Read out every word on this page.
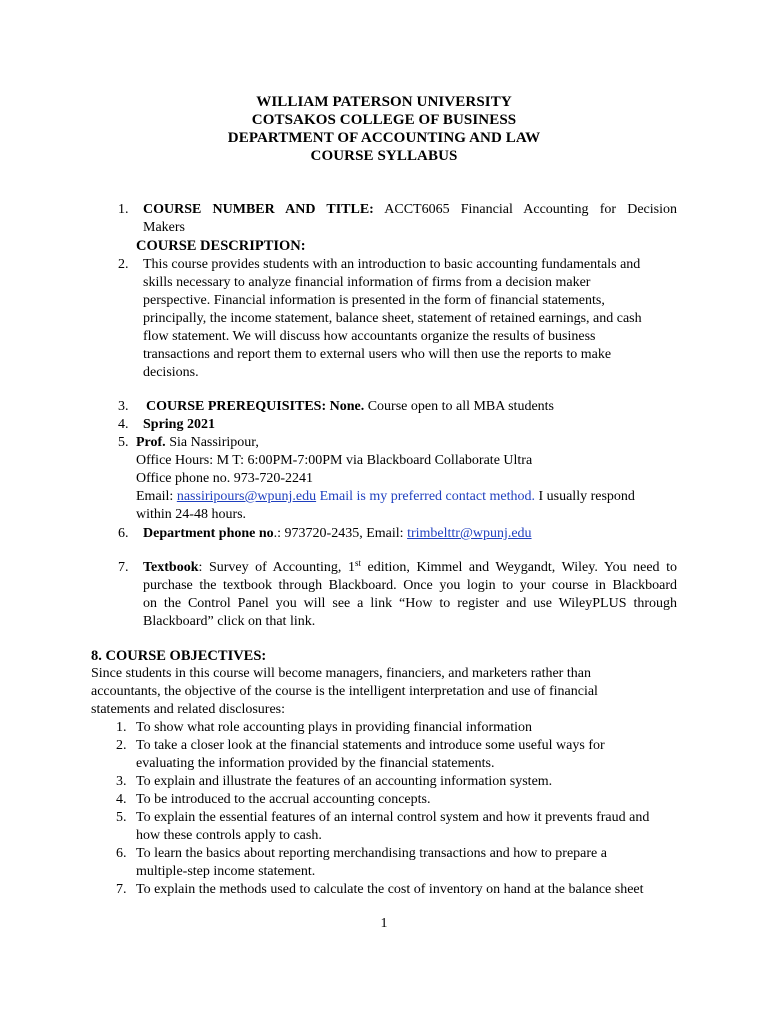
WILLIAM PATERSON UNIVERSITY
COTSAKOS COLLEGE OF BUSINESS
DEPARTMENT OF ACCOUNTING AND LAW
COURSE SYLLABUS
1. COURSE NUMBER AND TITLE: ACCT6065 Financial Accounting for Decision
Makers
COURSE DESCRIPTION:
2. This course provides students with an introduction to basic accounting fundamentals and
skills necessary to analyze financial information of firms from a decision maker
perspective. Financial information is presented in the form of financial statements,
principally, the income statement, balance sheet, statement of retained earnings, and cash
flow statement. We will discuss how accountants organize the results of business
transactions and report them to external users who will then use the reports to make
decisions.
3. COURSE PREREQUISITES: None. Course open to all MBA students
4. Spring 2021
5. Prof. Sia Nassiripour,
Office Hours: M T: 6:00PM-7:00PM via Blackboard Collaborate Ultra
Office phone no. 973-720-2241
Email: nassiripours@wpunj.edu Email is my preferred contact method. I usually respond
within 24-48 hours.
6. Department phone no.: 973720-2435, Email: trimbelttr@wpunj.edu
7. Textbook: Survey of Accounting, 1st edition, Kimmel and Weygandt, Wiley. You need to
purchase the textbook through Blackboard. Once you login to your course in Blackboard
on the Control Panel you will see a link “How to register and use WileyPLUS through
Blackboard” click on that link.
8. COURSE OBJECTIVES:
Since students in this course will become managers, financiers, and marketers rather than
accountants, the objective of the course is the intelligent interpretation and use of financial
statements and related disclosures:
1. To show what role accounting plays in providing financial information
2. To take a closer look at the financial statements and introduce some useful ways for
evaluating the information provided by the financial statements.
3. To explain and illustrate the features of an accounting information system.
4. To be introduced to the accrual accounting concepts.
5. To explain the essential features of an internal control system and how it prevents fraud and
how these controls apply to cash.
6. To learn the basics about reporting merchandising transactions and how to prepare a
multiple-step income statement.
7. To explain the methods used to calculate the cost of inventory on hand at the balance sheet
1
